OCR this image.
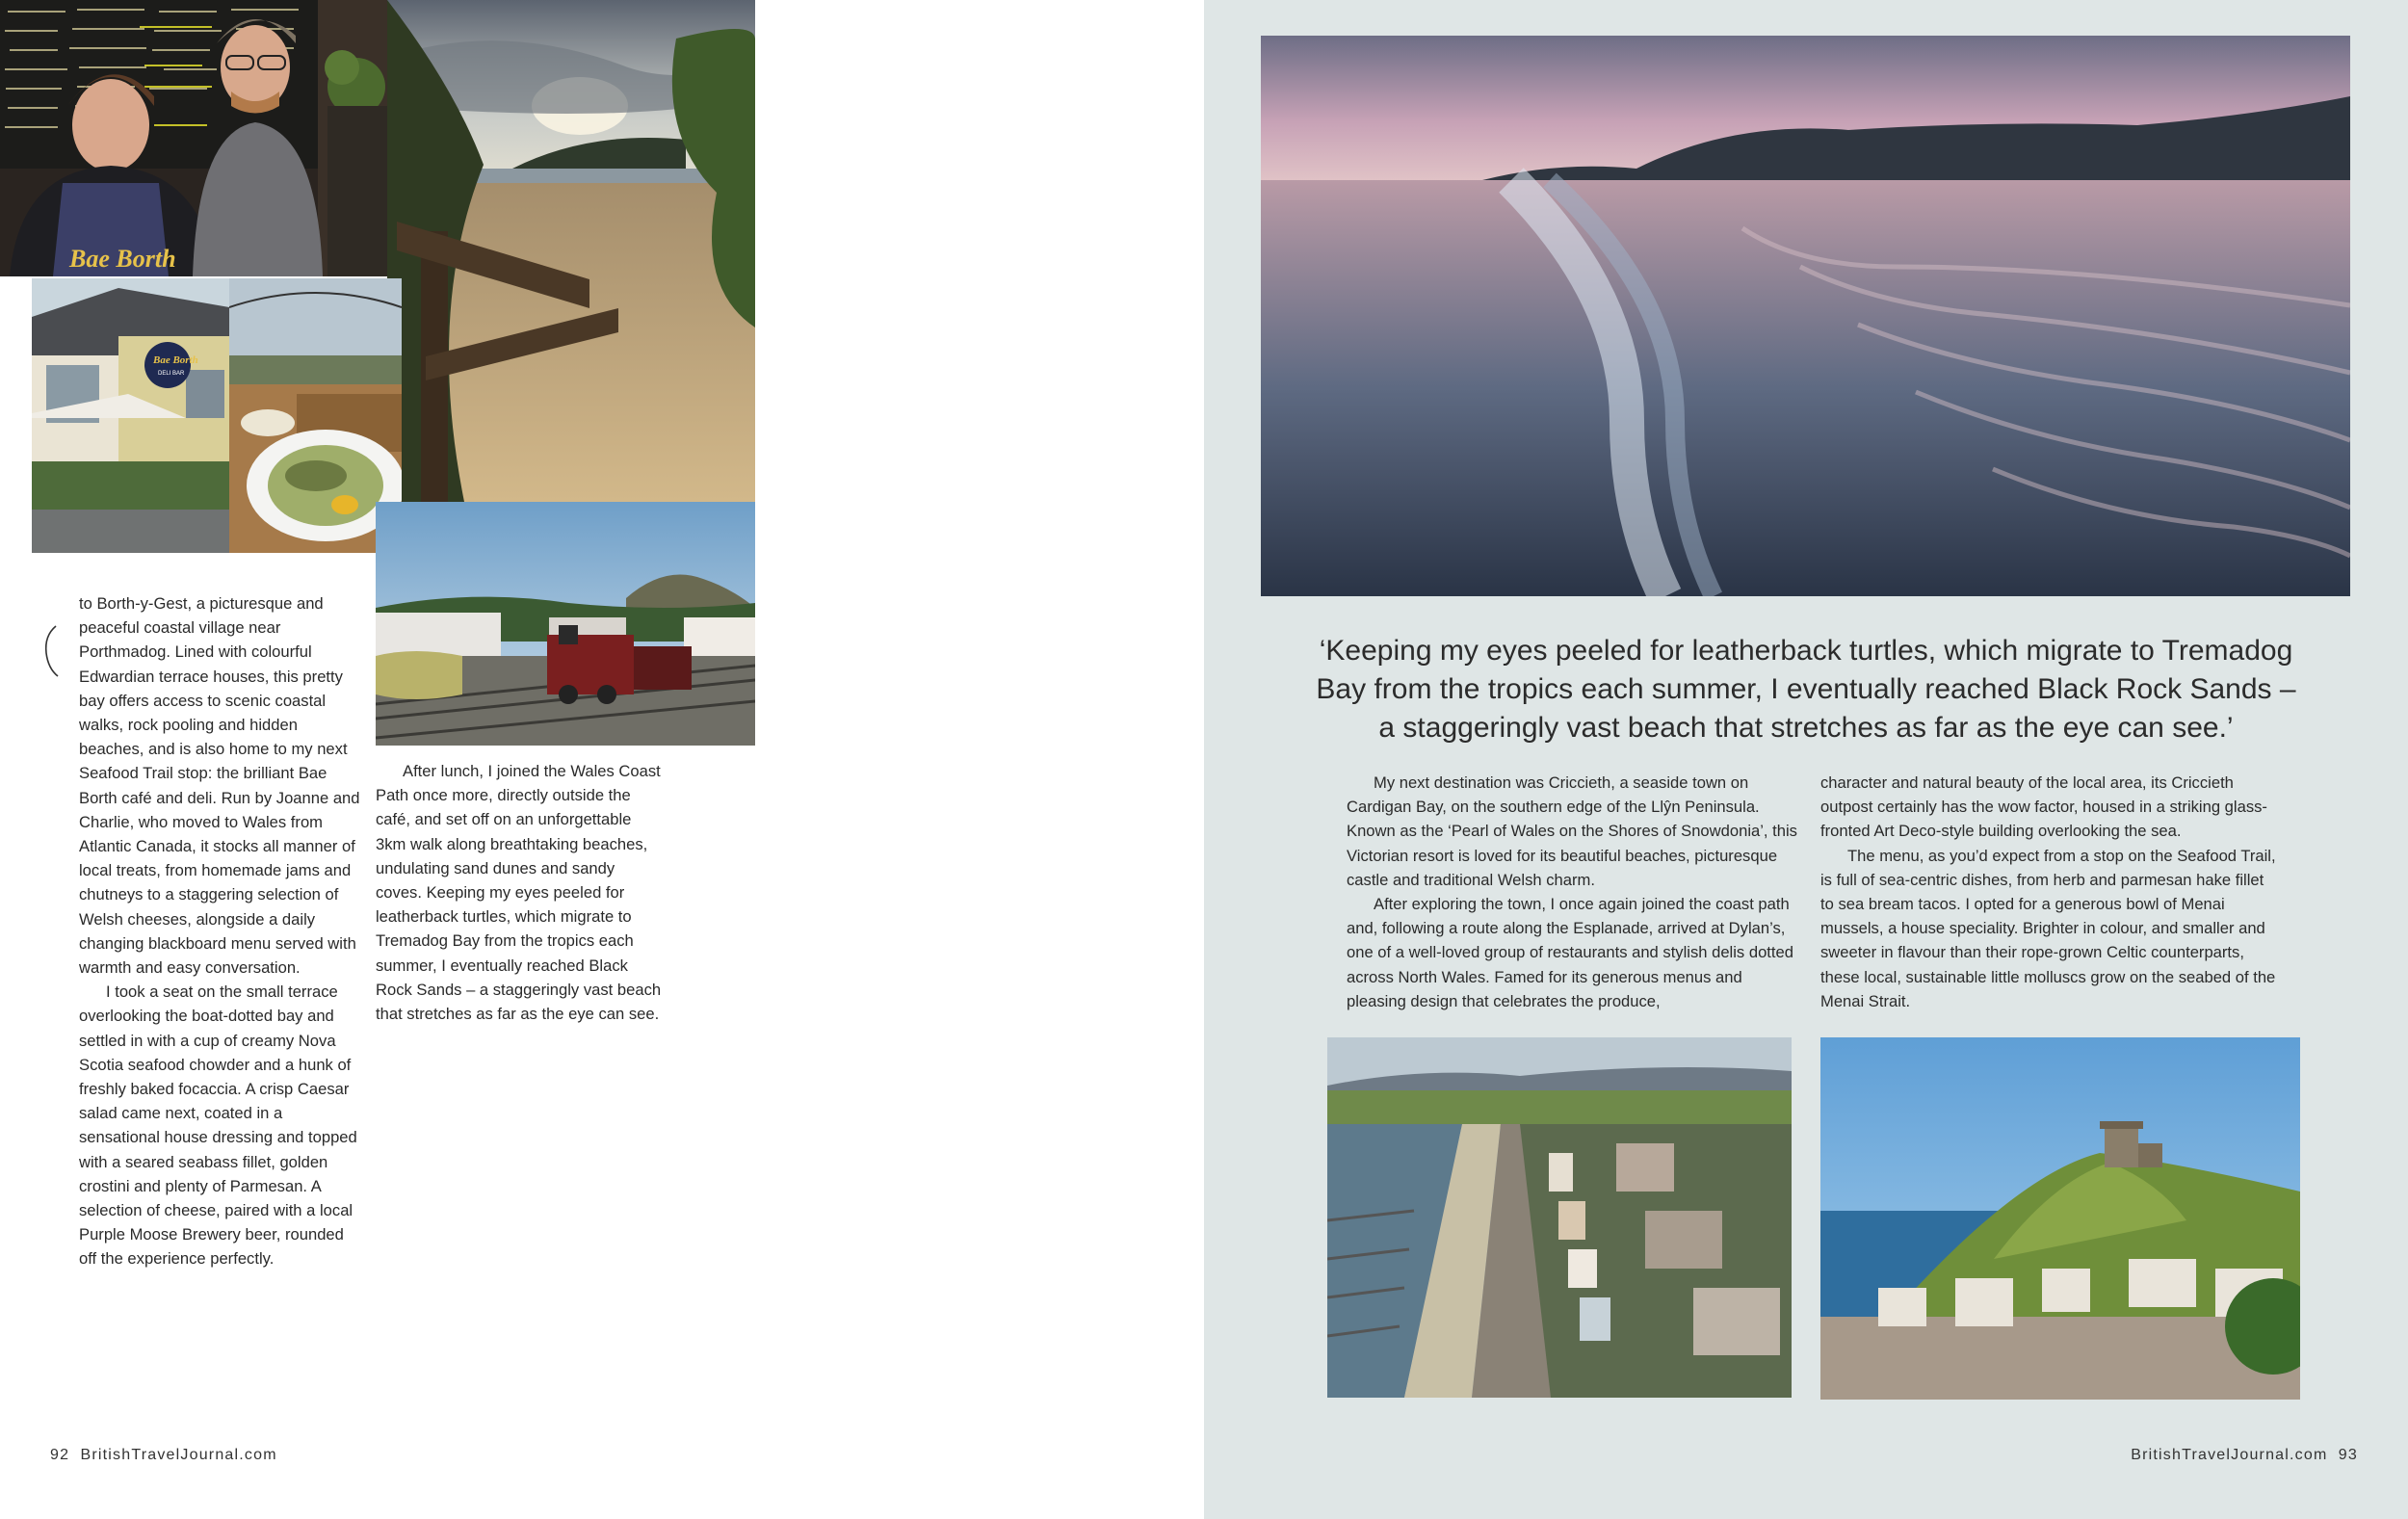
Bae Borth
Bae Borth
DELI BAR

to Borth-y-Gest, a picturesque and peaceful coastal village near Porthmadog. Lined with colourful Edwardian terrace houses, this pretty bay offers access to scenic coastal walks, rock pooling and hidden beaches, and is also home to my next Seafood Trail stop: the brilliant Bae Borth café and deli. Run by Joanne and Charlie, who moved to Wales from Atlantic Canada, it stocks all manner of local treats, from homemade jams and chutneys to a staggering selection of Welsh cheeses, alongside a daily changing blackboard menu served with warmth and easy conversation.

I took a seat on the small terrace overlooking the boat-dotted bay and settled in with a cup of creamy Nova Scotia seafood chowder and a hunk of freshly baked focaccia. A crisp Caesar salad came next, coated in a sensational house dressing and topped with a seared seabass fillet, golden crostini and plenty of Parmesan. A selection of cheese, paired with a local Purple Moose Brewery beer, rounded off the experience perfectly.

After lunch, I joined the Wales Coast Path once more, directly outside the café, and set off on an unforgettable 3km walk along breathtaking beaches, undulating sand dunes and sandy coves. Keeping my eyes peeled for leatherback turtles, which migrate to Tremadog Bay from the tropics each summer, I eventually reached Black Rock Sands – a staggeringly vast beach that stretches as far as the eye can see.

92 BritishTravelJournal.com
‘Keeping my eyes peeled for leatherback turtles, which migrate to Tremadog Bay from the tropics each summer, I eventually reached Black Rock Sands – a staggeringly vast beach that stretches as far as the eye can see.’

My next destination was Criccieth, a seaside town on Cardigan Bay, on the southern edge of the Llŷn Peninsula. Known as the ‘Pearl of Wales on the Shores of Snowdonia’, this Victorian resort is loved for its beautiful beaches, picturesque castle and traditional Welsh charm.

After exploring the town, I once again joined the coast path and, following a route along the Esplanade, arrived at Dylan’s, one of a well-loved group of restaurants and stylish delis dotted across North Wales. Famed for its generous menus and pleasing design that celebrates the produce,

character and natural beauty of the local area, its Criccieth outpost certainly has the wow factor, housed in a striking glass-fronted Art Deco-style building overlooking the sea.

The menu, as you’d expect from a stop on the Seafood Trail, is full of sea-centric dishes, from herb and parmesan hake fillet to sea bream tacos. I opted for a generous bowl of Menai mussels, a house speciality. Brighter in colour, and smaller and sweeter in flavour than their rope-grown Celtic counterparts, these local, sustainable little molluscs grow on the seabed of the Menai Strait.

BritishTravelJournal.com 93
